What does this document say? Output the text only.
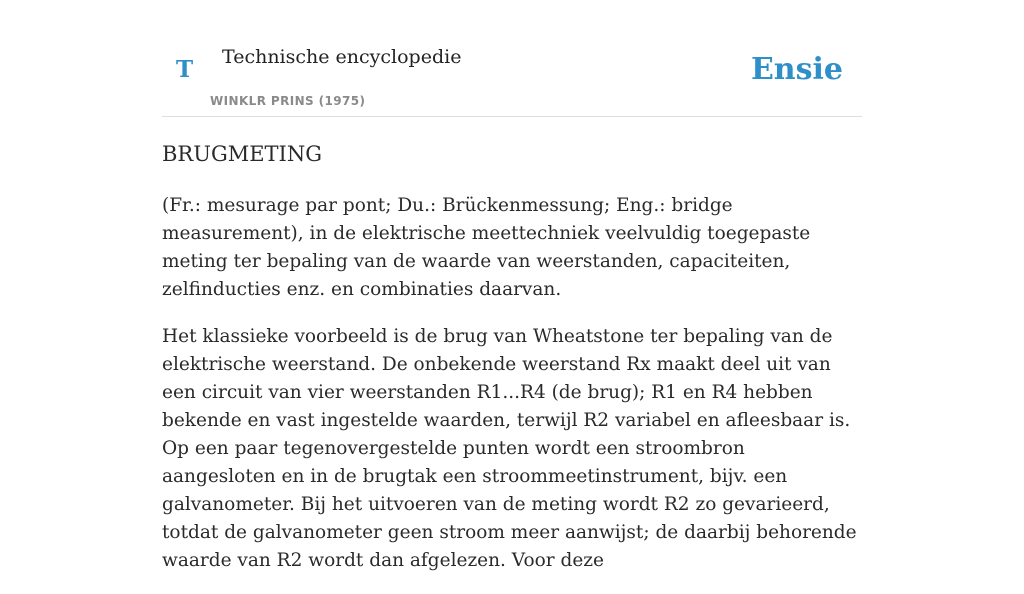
T Technische encyclopedie
WINKLR PRINS (1975)
Ensie
BRUGMETING

(Fr.: mesurage par pont; Du.: Brückenmessung; Eng.: bridge measurement), in de elektrische meettechniek veelvuldig toegepaste meting ter bepaling van de waarde van weerstanden, capaciteiten, zelfinducties enz. en combinaties daarvan.

Het klassieke voorbeeld is de brug van Wheatstone ter bepaling van de elektrische weerstand. De onbekende weerstand Rx maakt deel uit van een circuit van vier weerstanden R1...R4 (de brug); R1 en R4 hebben bekende en vast ingestelde waarden, terwijl R2 variabel en afleesbaar is. Op een paar tegenovergestelde punten wordt een stroombron aangesloten en in de brugtak een stroommeetinstrument, bijv. een galvanometer. Bij het uitvoeren van de meting wordt R2 zo gevarieerd, totdat de galvanometer geen stroom meer aanwijst; de daarbij behorende waarde van R2 wordt dan afgelezen. Voor deze
